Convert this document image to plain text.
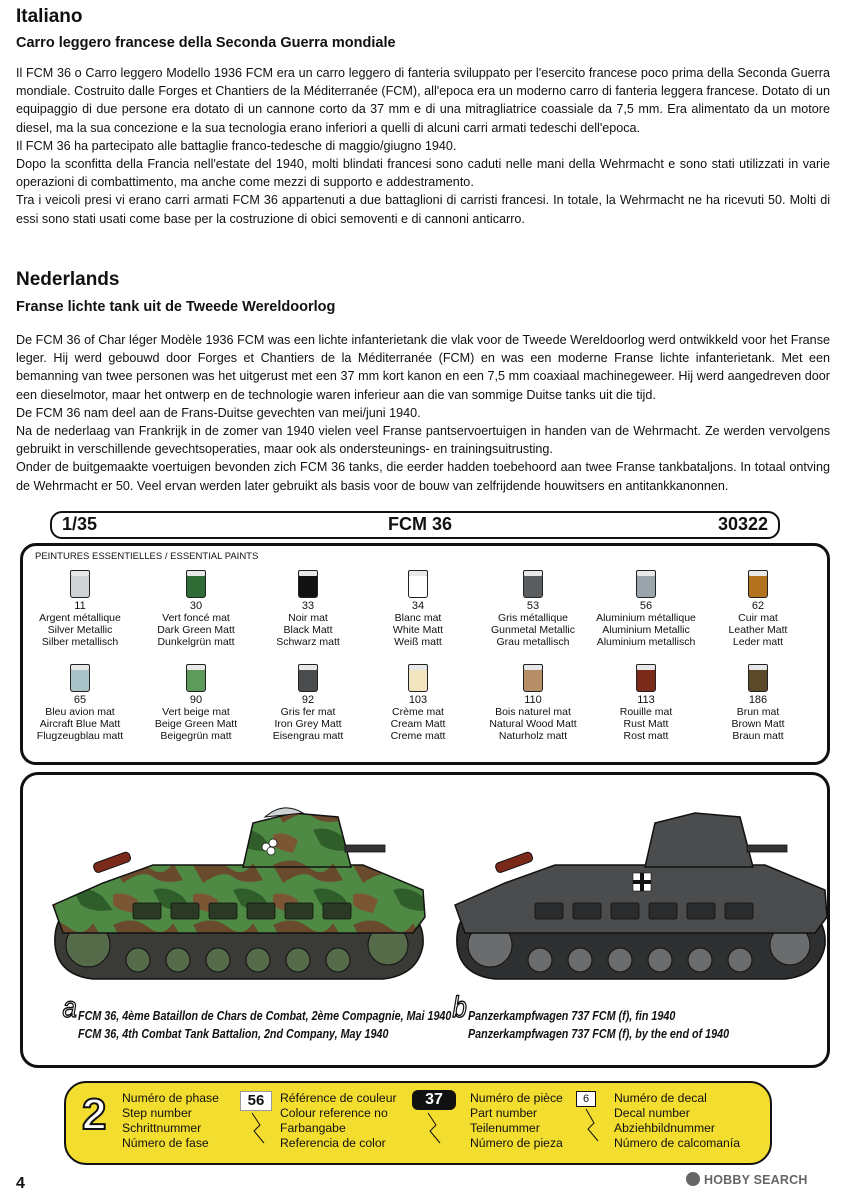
Italiano
Carro leggero francese della Seconda Guerra mondiale

Il FCM 36 o Carro leggero Modello 1936 FCM era un carro leggero di fanteria sviluppato per l'esercito francese poco prima della Seconda Guerra mondiale. Costruito dalle Forges et Chantiers de la Méditerranée (FCM), all'epoca era un moderno carro di fanteria leggera francese. Dotato di un equipaggio di due persone era dotato di un cannone corto da 37 mm e di una mitragliatrice coassiale da 7,5 mm. Era alimentato da un motore diesel, ma la sua concezione e la sua tecnologia erano inferiori a quelli di alcuni carri armati tedeschi dell'epoca.

Il FCM 36 ha partecipato alle battaglie franco-tedesche di maggio/giugno 1940.

Dopo la sconfitta della Francia nell'estate del 1940, molti blindati francesi sono caduti nelle mani della Wehrmacht e sono stati utilizzati in varie operazioni di combattimento, ma anche come mezzi di supporto e addestramento.

Tra i veicoli presi vi erano carri armati FCM 36 appartenuti a due battaglioni di carristi francesi. In totale, la Wehrmacht ne ha ricevuti 50. Molti di essi sono stati usati come base per la costruzione di obici semoventi e di cannoni anticarro.

Nederlands
Franse lichte tank uit de Tweede Wereldoorlog

De FCM 36 of Char léger Modèle 1936 FCM was een lichte infanterietank die vlak voor de Tweede Wereldoorlog werd ontwikkeld voor het Franse leger. Hij werd gebouwd door Forges et Chantiers de la Méditerranée (FCM) en was een moderne Franse lichte infanterietank. Met een bemanning van twee personen was het uitgerust met een 37 mm kort kanon en een 7,5 mm coaxiaal machinegeweer. Hij werd aangedreven door een dieselmotor, maar het ontwerp en de technologie waren inferieur aan die van sommige Duitse tanks uit die tijd.

De FCM 36 nam deel aan de Frans-Duitse gevechten van mei/juni 1940.

Na de nederlaag van Frankrijk in de zomer van 1940 vielen veel Franse pantservoertuigen in handen van de Wehrmacht. Ze werden vervolgens gebruikt in verschillende gevechtsoperaties, maar ook als ondersteunings- en trainingsuitrusting.

Onder de buitgemaakte voertuigen bevonden zich FCM 36 tanks, die eerder hadden toebehoord aan twee Franse tankbataljons. In totaal ontving de Wehrmacht er 50. Veel ervan werden later gebruikt als basis voor de bouw van zelfrijdende houwitsers en antitankkanonnen.

1/35	FCM 36	30322
PEINTURES ESSENTIELLES / ESSENTIAL PAINTS
11
Argent métallique
Silver Metallic
Silber metallisch
30
Vert foncé mat
Dark Green Matt
Dunkelgrün matt
33
Noir mat
Black Matt
Schwarz matt
34
Blanc mat
White Matt
Weiß matt
53
Gris métallique
Gunmetal Metallic
Grau metallisch
56
Aluminium métallique
Aluminium Metallic
Aluminium metallisch
62
Cuir mat
Leather Matt
Leder matt
65
Bleu avion mat
Aircraft Blue Matt
Flugzeugblau matt
90
Vert beige mat
Beige Green Matt
Beigegrün matt
92
Gris fer mat
Iron Grey Matt
Eisengrau matt
103
Crème mat
Cream Matt
Creme matt
110
Bois naturel mat
Natural Wood Matt
Naturholz matt
113
Rouille mat
Rust Matt
Rost matt
186
Brun mat
Brown Matt
Braun matt
a FCM 36, 4ème Bataillon de Chars de Combat, 2ème Compagnie, Mai 1940
FCM 36, 4th Combat Tank Battalion, 2nd Company, May 1940
b Panzerkampfwagen 737 FCM (f), fin 1940
Panzerkampfwagen 737 FCM (f), by the end of 1940
2 Numéro de phase
Step number
Schrittnummer
Número de fase
56	Référence de couleur
Colour reference no
Farbangabe
Referencia de color
37	Numéro de pièce
Part number
Teilenummer
Número de pieza
6	Numéro de decal
Decal number
Abziehbildnummer
Número de calcomanía
4	HOBBY SEARCH
